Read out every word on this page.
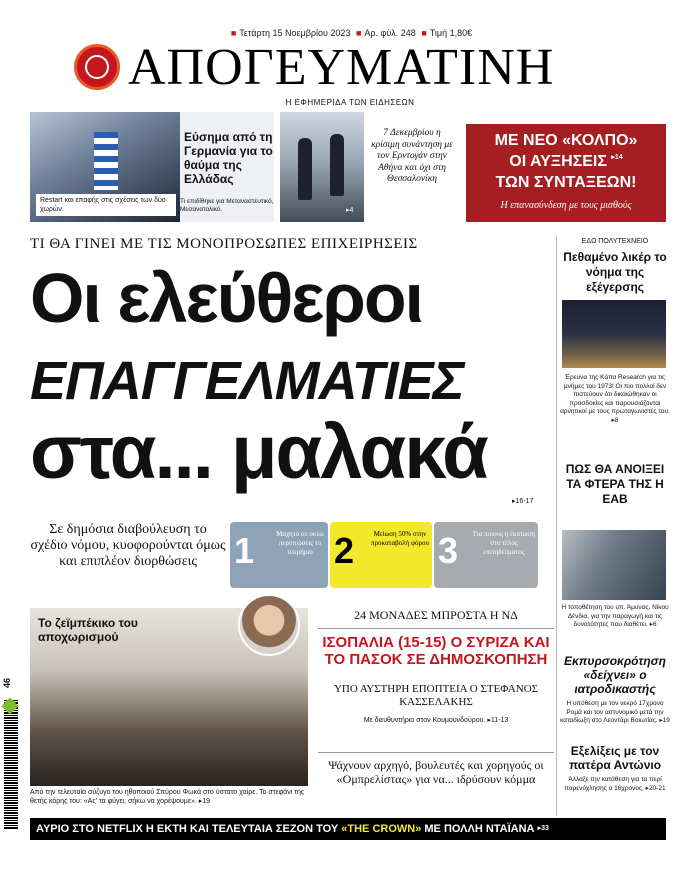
■ Τετάρτη 15 Νοεμβρίου 2023 ■ Αρ. φύλ. 248 ■ Τιμή 1,80€
ΑΠΟΓΕΥΜΑΤΙΝΗ
Η ΕΦΗΜΕΡΙΔΑ ΤΩΝ ΕΙΔΗΣΕΩΝ
Restart και επαφής στις σχέσεις των δύο χωρών.
Εύσημα από τη Γερμανία για το θαύμα της Ελλάδας
Τι επιδίθηκε για Μεταναστευτικό, Μεσανατολικό.	▸4
7 Δεκεμβρίου η κρίσιμη συνάντηση με τον Ερντογάν στην Αθήνα και όχι στη Θεσσαλονίκη
ΜΕ ΝΕΟ «ΚΟΛΠΟ»
ΟΙ ΑΥΞΗΣΕΙΣ $^{▸14}$
ΤΩΝ ΣΥΝΤΑΞΕΩΝ!
Η επανασύνδεση με τους μισθούς
ΤΙ ΘΑ ΓΙΝΕΙ ΜΕ ΤΙΣ ΜΟΝΟΠΡΟΣΩΠΕΣ ΕΠΙΧΕΙΡΗΣΕΙΣ
Οι ελεύθεροι
ΕΠΑΓΓΕΛΜΑΤΙΕΣ
στα... μαλακά
▸16-17
Σε δημόσια διαβούλευση το σχέδιο νόμου, κυοφορούνται όμως και επιπλέον διορθώσεις	1	Μαχητό σε οκτώ περιπτώσεις το τεκμήριο 2	Μείωση 50% στην προκαταβολή φόρου 3	Για ποιους η έκπτωση στο τέλος επιτηδεύματος
Το ζεϊμπέκικο του αποχωρισμού
Από την τελευταία σύζυγο του ηθοποιού Σπύρου Φωκά στο ύστατο χαίρε. Το στεφάνι της θετής κόρης του: «Ας' τα φύγει, σήκω να χορέψουμε». ▸19
46
24 ΜΟΝΑΔΕΣ ΜΠΡΟΣΤΑ Η ΝΔ
ΙΣΟΠΑΛΙΑ (15-15) Ο ΣΥΡΙΖΑ ΚΑΙ ΤΟ ΠΑΣΟΚ ΣΕ ΔΗΜΟΣΚΟΠΗΣΗ
ΥΠΟ ΑΥΣΤΗΡΗ ΕΠΟΠΤΕΙΑ Ο ΣΤΕΦΑΝΟΣ ΚΑΣΣΕΛΑΚΗΣ
Με διευθυντήριο στον Κουμουνδούρου. ▸11-13
Ψάχνουν αρχηγό, βουλευτές και χορηγούς οι «Ομπρελίστας» για να... ιδρύσουν κόμμα
ΕΔΩ ΠΟΛΥΤΕΧΝΕΙΟ
Πεθαμένο λικέρ το νόημα της εξέγερσης
Έρευνα της Κάπα Research για τις μνήμες του 1973! Οι πιο πολλοί δεν πιστεύουν ότι δικαιώθηκαν οι προσδοκίες και παρουσιάζονται αρνητικοί με τους πρωταγωνιστές του. ▸8
ΠΩΣ ΘΑ ΑΝΟΙΞΕΙ ΤΑ ΦΤΕΡΑ ΤΗΣ Η ΕΑΒ
Η τοποθέτηση του υπ. Άμυνας, Νίκου Δένδια, για την παραγωγή και τις δυνατότητες που διαθέτει. ▸6
Εκπυρσοκρότηση «δείχνει» ο ιατροδικαστής
Η υπόθεση με τον νεκρό 17χρονο Ρομά και τον αστυνομικό μετά την καταδίωξη στο Λεοντάρι Βοιωτίας. ▸19
Εξελίξεις με τον πατέρα Αντώνιο
Άλλαξε την κατάθεση για τα περί παρενόχλησης ο 16χρονος. ▸20-21
ΑΥΡΙΟ ΣΤΟ NETFLIX Η ΕΚΤΗ ΚΑΙ ΤΕΛΕΥΤΑΙΑ ΣΕΖΟΝ ΤΟΥ «THE CROWN» ΜΕ ΠΟΛΛΗ ΝΤΑΪΑΝΑ $^{▸33}$
